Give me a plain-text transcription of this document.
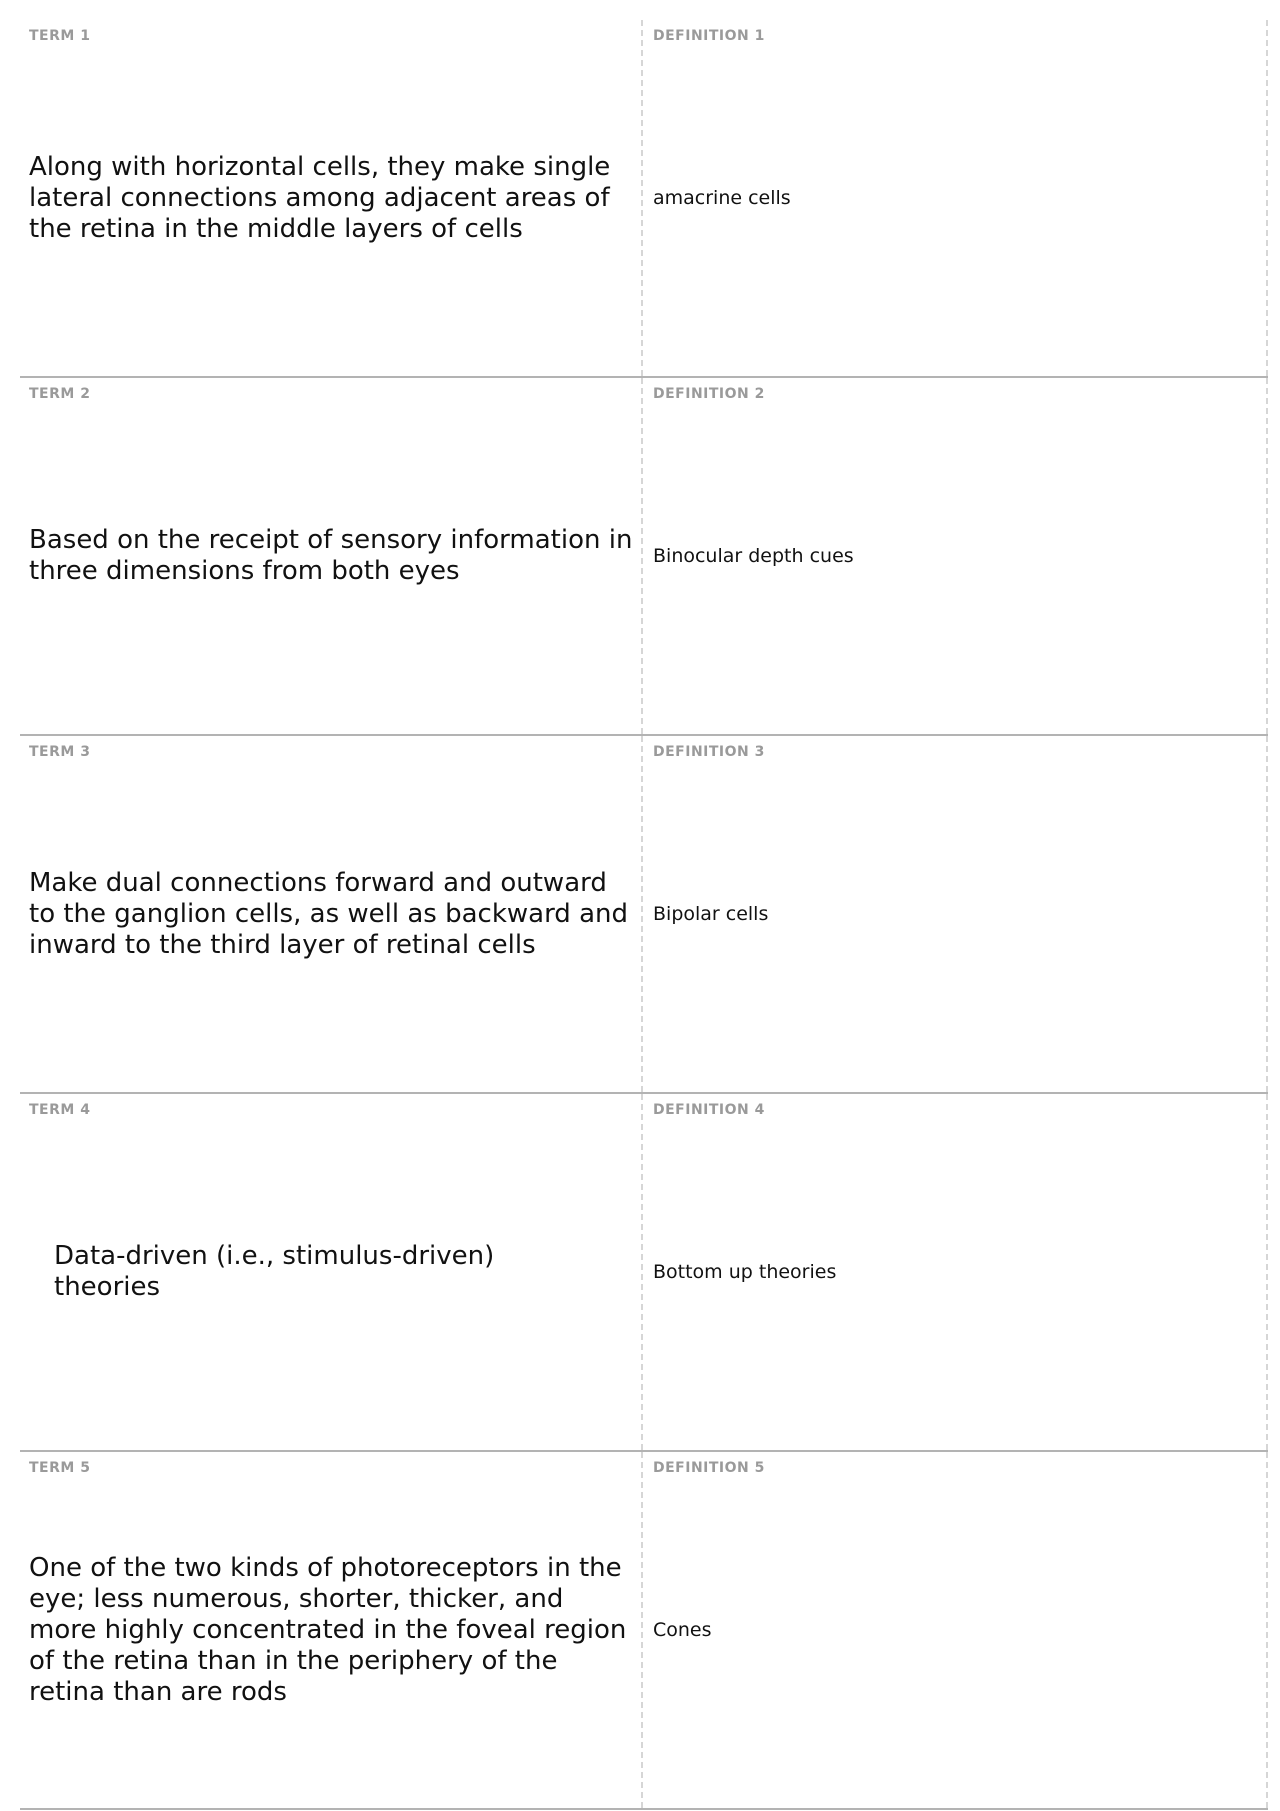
TERM 1
Along with horizontal cells, they make single lateral connections among adjacent areas of the retina in the middle layers of cells
DEFINITION 1
amacrine cells
TERM 2
Based on the receipt of sensory information in three dimensions from both eyes
DEFINITION 2
Binocular depth cues
TERM 3
Make dual connections forward and outward to the ganglion cells, as well as backward and inward to the third layer of retinal cells
DEFINITION 3
Bipolar cells
TERM 4
Data-driven (i.e., stimulus-driven) theories
DEFINITION 4
Bottom up theories
TERM 5
One of the two kinds of photoreceptors in the eye; less numerous, shorter, thicker, and more highly concentrated in the foveal region of the retina than in the periphery of the retina than are rods
DEFINITION 5
Cones
